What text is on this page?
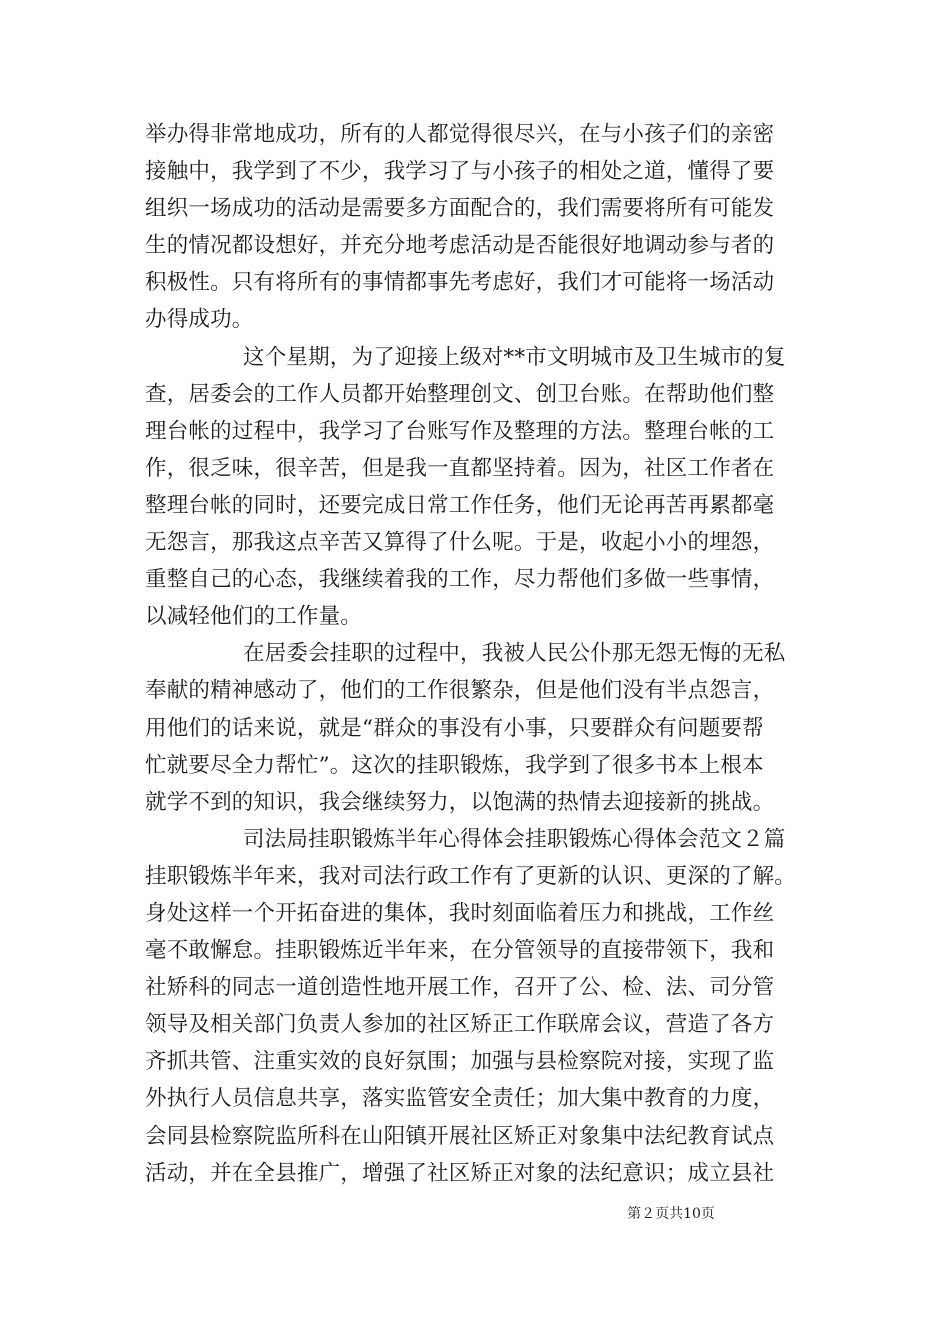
举办得非常地成功，所有的人都觉得很尽兴，在与小孩子们的亲密
接触中，我学到了不少，我学习了与小孩子的相处之道，懂得了要
组织一场成功的活动是需要多方面配合的，我们需要将所有可能发
生的情况都设想好，并充分地考虑活动是否能很好地调动参与者的
积极性。只有将所有的事情都事先考虑好，我们才可能将一场活动
办得成功。
这个星期，为了迎接上级对**市文明城市及卫生城市的复
查，居委会的工作人员都开始整理创文、创卫台账。在帮助他们整
理台帐的过程中，我学习了台账写作及整理的方法。整理台帐的工
作，很乏味，很辛苦，但是我一直都坚持着。因为，社区工作者在
整理台帐的同时，还要完成日常工作任务，他们无论再苦再累都毫
无怨言，那我这点辛苦又算得了什么呢。于是，收起小小的埋怨，
重整自己的心态，我继续着我的工作，尽力帮他们多做一些事情，
以减轻他们的工作量。
在居委会挂职的过程中，我被人民公仆那无怨无悔的无私
奉献的精神感动了，他们的工作很繁杂，但是他们没有半点怨言，
用他们的话来说，就是“群众的事没有小事，只要群众有问题要帮
忙就要尽全力帮忙”。这次的挂职锻炼，我学到了很多书本上根本
就学不到的知识，我会继续努力，以饱满的热情去迎接新的挑战。
司法局挂职锻炼半年心得体会挂职锻炼心得体会范文２篇
挂职锻炼半年来，我对司法行政工作有了更新的认识、更深的了解。
身处这样一个开拓奋进的集体，我时刻面临着压力和挑战，工作丝
毫不敢懈怠。挂职锻炼近半年来，在分管领导的直接带领下，我和
社矫科的同志一道创造性地开展工作，召开了公、检、法、司分管
领导及相关部门负责人参加的社区矫正工作联席会议，营造了各方
齐抓共管、注重实效的良好氛围；加强与县检察院对接，实现了监
外执行人员信息共享，落实监管安全责任；加大集中教育的力度，
会同县检察院监所科在山阳镇开展社区矫正对象集中法纪教育试点
活动，并在全县推广，增强了社区矫正对象的法纪意识；成立县社
第２页共10页
